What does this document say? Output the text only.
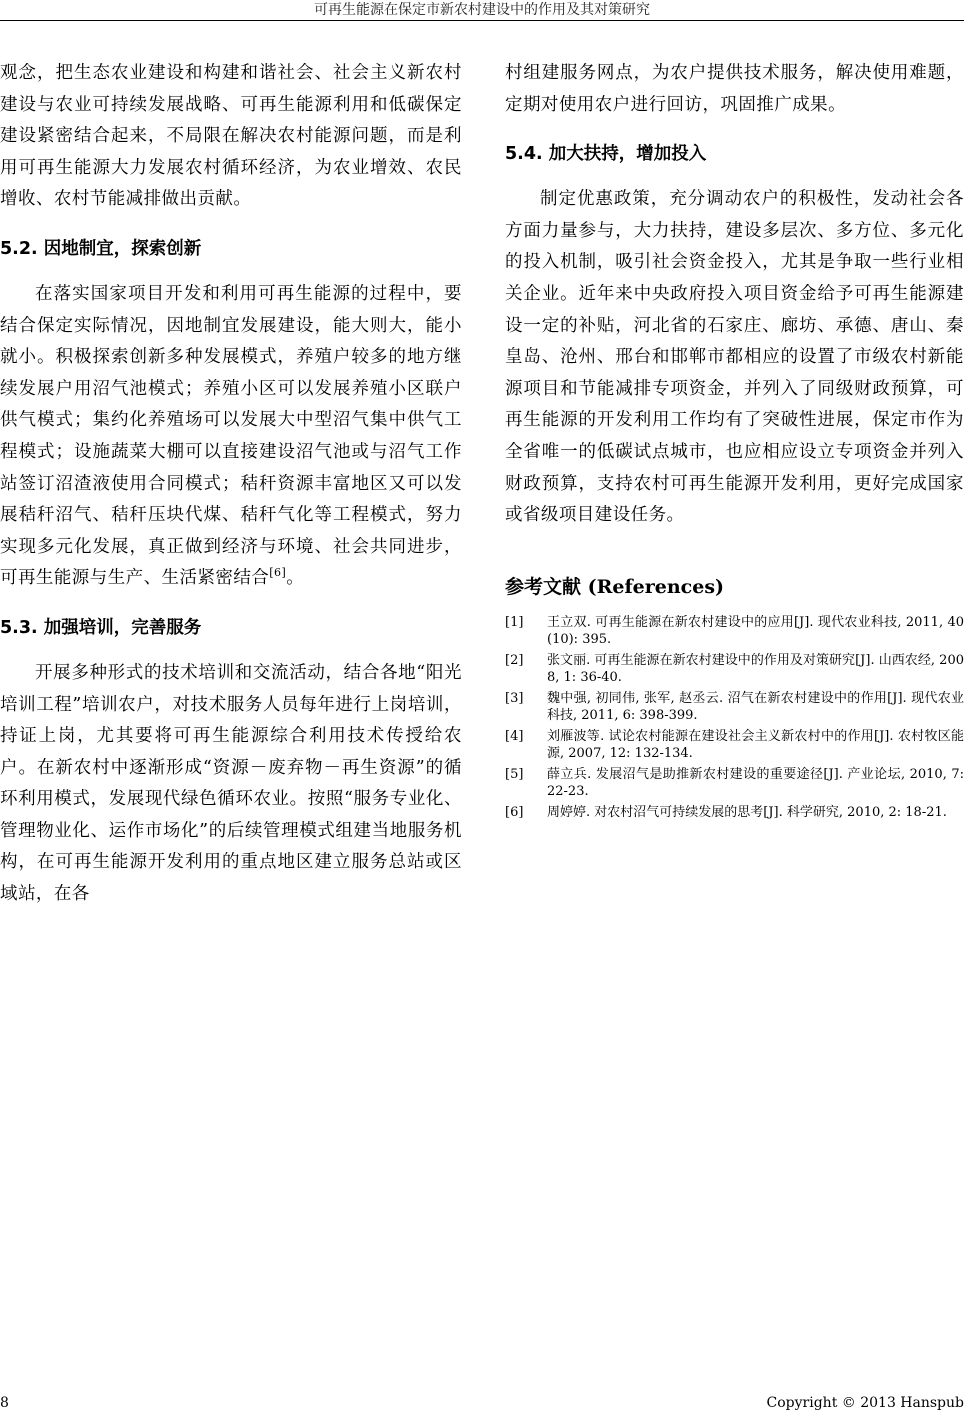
可再生能源在保定市新农村建设中的作用及其对策研究

观念，把生态农业建设和构建和谐社会、社会主义新农村建设与农业可持续发展战略、可再生能源利用和低碳保定建设紧密结合起来，不局限在解决农村能源问题，而是利用可再生能源大力发展农村循环经济，为农业增效、农民增收、农村节能减排做出贡献。

5.2. 因地制宜，探索创新

在落实国家项目开发和利用可再生能源的过程中，要结合保定实际情况，因地制宜发展建设，能大则大，能小就小。积极探索创新多种发展模式，养殖户较多的地方继续发展户用沼气池模式；养殖小区可以发展养殖小区联户供气模式；集约化养殖场可以发展大中型沼气集中供气工程模式；设施蔬菜大棚可以直接建设沼气池或与沼气工作站签订沼渣液使用合同模式；秸秆资源丰富地区又可以发展秸秆沼气、秸秆压块代煤、秸秆气化等工程模式，努力实现多元化发展，真正做到经济与环境、社会共同进步，可再生能源与生产、生活紧密结合[6]。

5.3. 加强培训，完善服务

开展多种形式的技术培训和交流活动，结合各地“阳光培训工程”培训农户，对技术服务人员每年进行上岗培训，持证上岗，尤其要将可再生能源综合利用技术传授给农户。在新农村中逐渐形成“资源－废弃物－再生资源”的循环利用模式，发展现代绿色循环农业。按照“服务专业化、管理物业化、运作市场化”的后续管理模式组建当地服务机构，在可再生能源开发利用的重点地区建立服务总站或区域站，在各

村组建服务网点，为农户提供技术服务，解决使用难题，定期对使用农户进行回访，巩固推广成果。

5.4. 加大扶持，增加投入

制定优惠政策，充分调动农户的积极性，发动社会各方面力量参与，大力扶持，建设多层次、多方位、多元化的投入机制，吸引社会资金投入，尤其是争取一些行业相关企业。近年来中央政府投入项目资金给予可再生能源建设一定的补贴，河北省的石家庄、廊坊、承德、唐山、秦皇岛、沧州、邢台和邯郸市都相应的设置了市级农村新能源项目和节能减排专项资金，并列入了同级财政预算，可再生能源的开发利用工作均有了突破性进展，保定市作为全省唯一的低碳试点城市，也应相应设立专项资金并列入财政预算，支持农村可再生能源开发利用，更好完成国家或省级项目建设任务。

参考文献 (References)
[1]	王立双. 可再生能源在新农村建设中的应用[J]. 现代农业科技, 2011, 40(10): 395.
[2]	张文丽. 可再生能源在新农村建设中的作用及对策研究[J]. 山西农经, 2008, 1: 36-40.
[3]	魏中强, 初同伟, 张军, 赵丞云. 沼气在新农村建设中的作用[J]. 现代农业科技, 2011, 6: 398-399.
[4]	刘雁波等. 试论农村能源在建设社会主义新农村中的作用[J]. 农村牧区能源, 2007, 12: 132-134.
[5]	薛立兵. 发展沼气是助推新农村建设的重要途径[J]. 产业论坛, 2010, 7: 22-23.
[6]	周婷婷. 对农村沼气可持续发展的思考[J]. 科学研究, 2010, 2: 18-21.
8	Copyright © 2013 Hanspub
